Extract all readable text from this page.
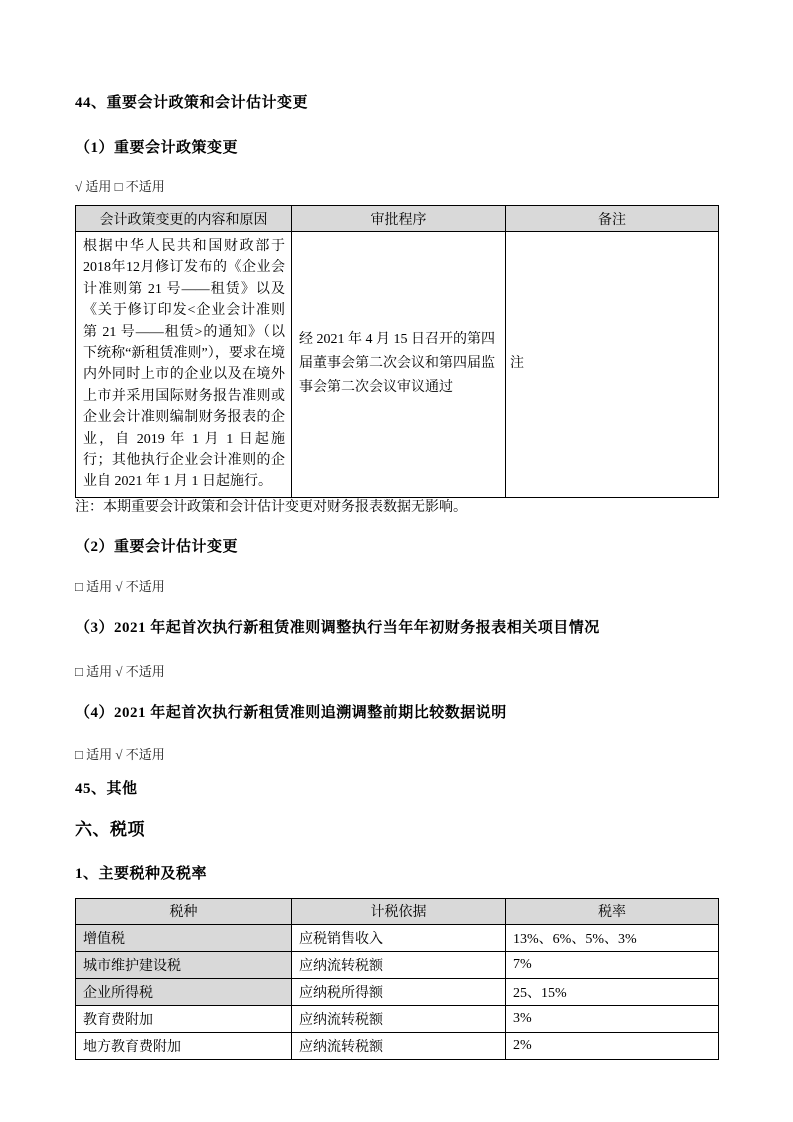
44、重要会计政策和会计估计变更
（1）重要会计政策变更

√ 适用 □ 不适用

会计政策变更的内容和原因	审批程序	备注
根据中华人民共和国财政部于2018年12月修订发布的《企业会计准则第 21 号——租赁》以及《关于修订印发<企业会计准则第 21 号——租赁>的通知》（以下统称“新租赁准则”），要求在境内外同时上市的企业以及在境外上市并采用国际财务报告准则或企业会计准则编制财务报表的企业，自 2019 年 1 月 1 日起施行；其他执行企业会计准则的企业自 2021 年 1 月 1 日起施行。	经 2021 年 4 月 15 日召开的第四届董事会第二次会议和第四届监事会第二次会议审议通过	注

注：本期重要会计政策和会计估计变更对财务报表数据无影响。

（2）重要会计估计变更

□ 适用 √ 不适用

（3）2021 年起首次执行新租赁准则调整执行当年年初财务报表相关项目情况

□ 适用 √ 不适用

（4）2021 年起首次执行新租赁准则追溯调整前期比较数据说明

□ 适用 √ 不适用

45、其他
六、税项
1、主要税种及税率
税种	计税依据	税率
增值税	应税销售收入	13%、6%、5%、3%
城市维护建设税	应纳流转税额	7%
企业所得税	应纳税所得额	25、15%
教育费附加	应纳流转税额	3%
地方教育费附加	应纳流转税额	2%
